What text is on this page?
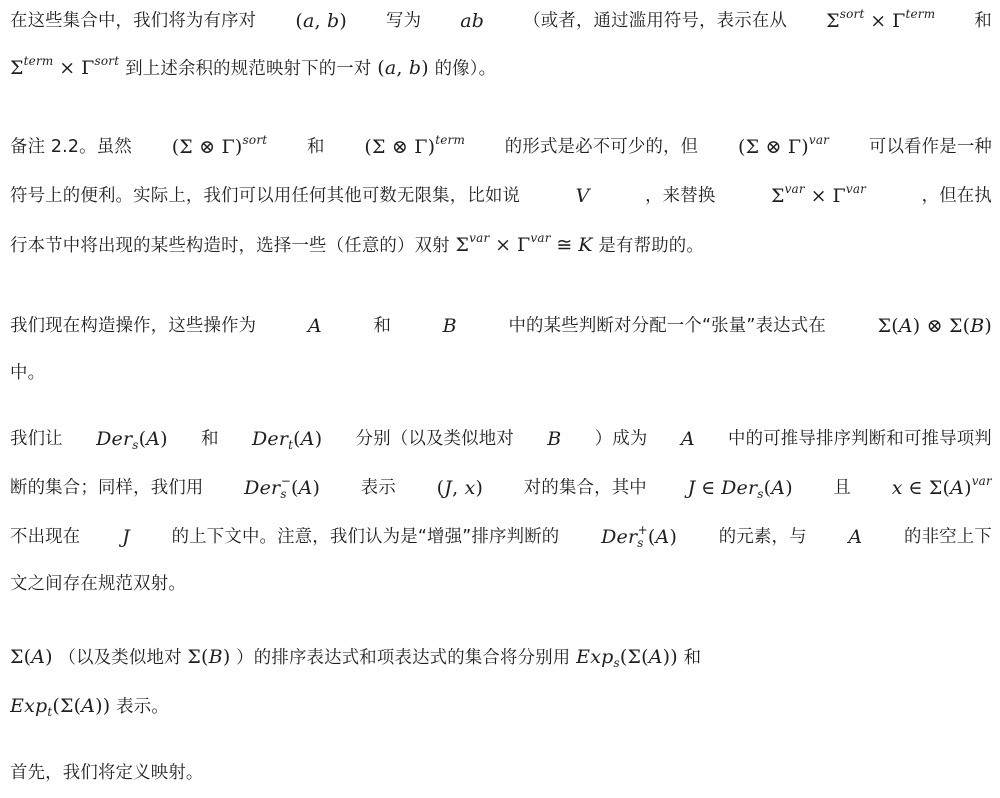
在这些集合中，我们将为有序对 (a, b) 写为 ab （或者，通过滥用符号，表示在从 $\Sigma^{sort} \times \Gamma^{term}$ 和
$\Sigma^{term} \times \Gamma^{sort}$ 到上述余积的规范映射下的一对 (a, b) 的像）。
备注 2.2。虽然 (Σ ⊗ Γ)$^{sort}$ 和 (Σ ⊗ Γ)$^{term}$ 的形式是必不可少的，但 (Σ ⊗ Γ)$^{var}$ 可以看作是一种
符号上的便利。实际上，我们可以用任何其他可数无限集，比如说	V	，来替换	$\Sigma^{var} \times \Gamma^{var}$	，但在执
行本节中将出现的某些构造时，选择一些（任意的）双射 $\Sigma^{var} \times \Gamma^{var}$ ≅ K 是有帮助的。
我们现在构造操作，这些操作为	A	和	B	中的某些判断对分配一个“张量”表达式在	Σ(A) ⊗ Σ(B)
中。
我们让 Der$_s$(A) 和 Der$_t$(A) 分别（以及类似地对 B ）成为 A 中的可推导排序判断和可推导项判
断的集合；同样，我们用 Der$_s$−(A) 表示 (J, x) 对的集合，其中 J ∈ Der$_s$(A) 且 x ∈ $\Sigma(A)^{var}$
不出现在 J 的上下文中。注意，我们认为是“增强”排序判断的 Der$_s$+(A) 的元素，与 A 的非空上下
文之间存在规范双射。
Σ(A) （以及类似地对 Σ(B) ）的排序表达式和项表达式的集合将分别用 Exp$_s$(Σ(A)) 和
Exp$_t$(Σ(A)) 表示。
首先，我们将定义映射。
